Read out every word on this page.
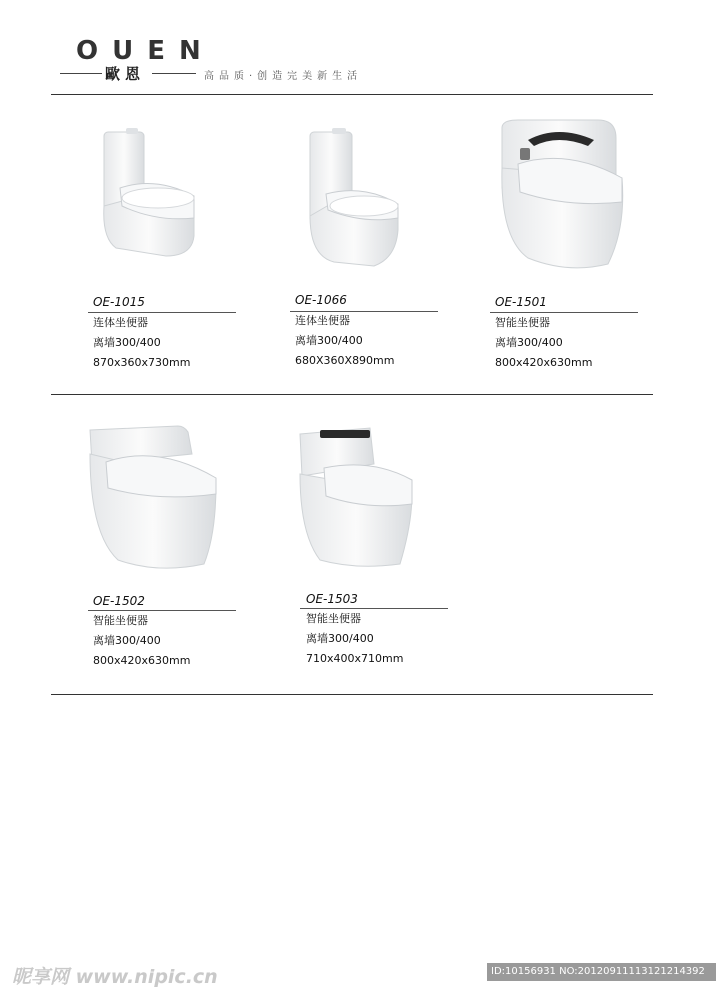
OUEN
歐恩	高品质·创造完美新生活
OE-1015
连体坐便器
离墙300/400
870x360x730mm
OE-1066
连体坐便器
离墙300/400
680X360X890mm
OE-1501
智能坐便器
离墙300/400
800x420x630mm
OE-1502
智能坐便器
离墙300/400
800x420x630mm
OE-1503
智能坐便器
离墙300/400
710x400x710mm
昵享网 www.nipic.cn	ID:10156931 NO:20120911113121214392
